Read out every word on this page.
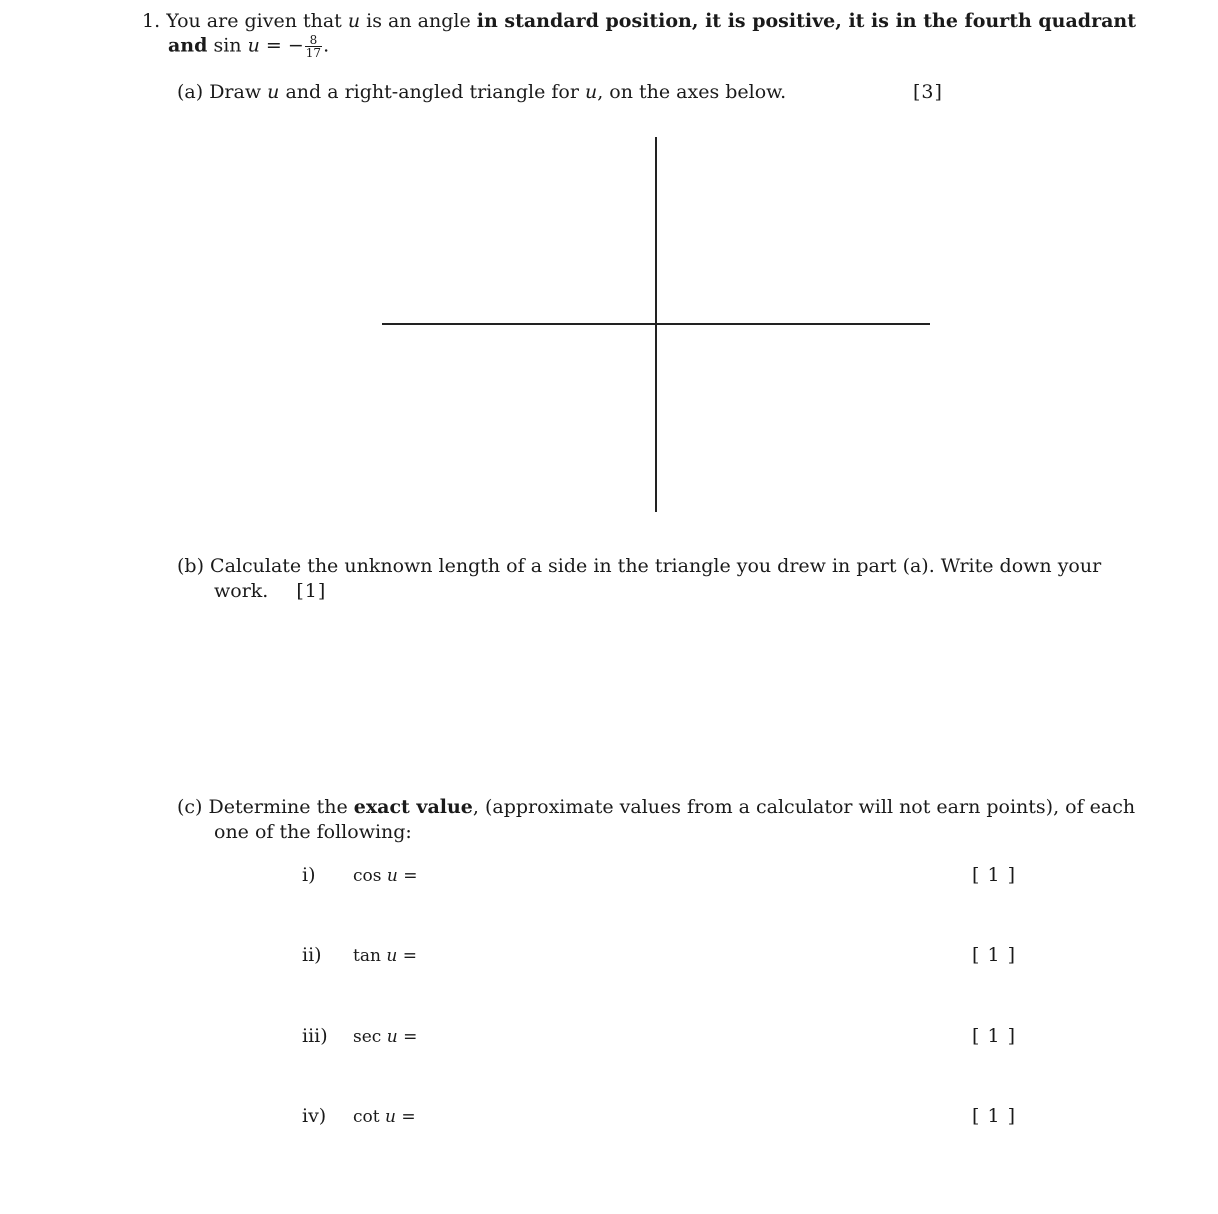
1. You are given that u is an angle in standard position, it is positive, it is in the fourth quadrant
and sin u = − $\frac{8}{17}$ .
(a) Draw u and a right-angled triangle for u, on the axes below.	[3]
(b) Calculate the unknown length of a side in the triangle you drew in part (a). Write down your
work. [1]
(c) Determine the exact value, (approximate values from a calculator will not earn points), of each
one of the following:
i) cos u =	[ 1 ]
ii) tan u =	[ 1 ]
iii) sec u =	[ 1 ]
iv) cot u =	[ 1 ]
